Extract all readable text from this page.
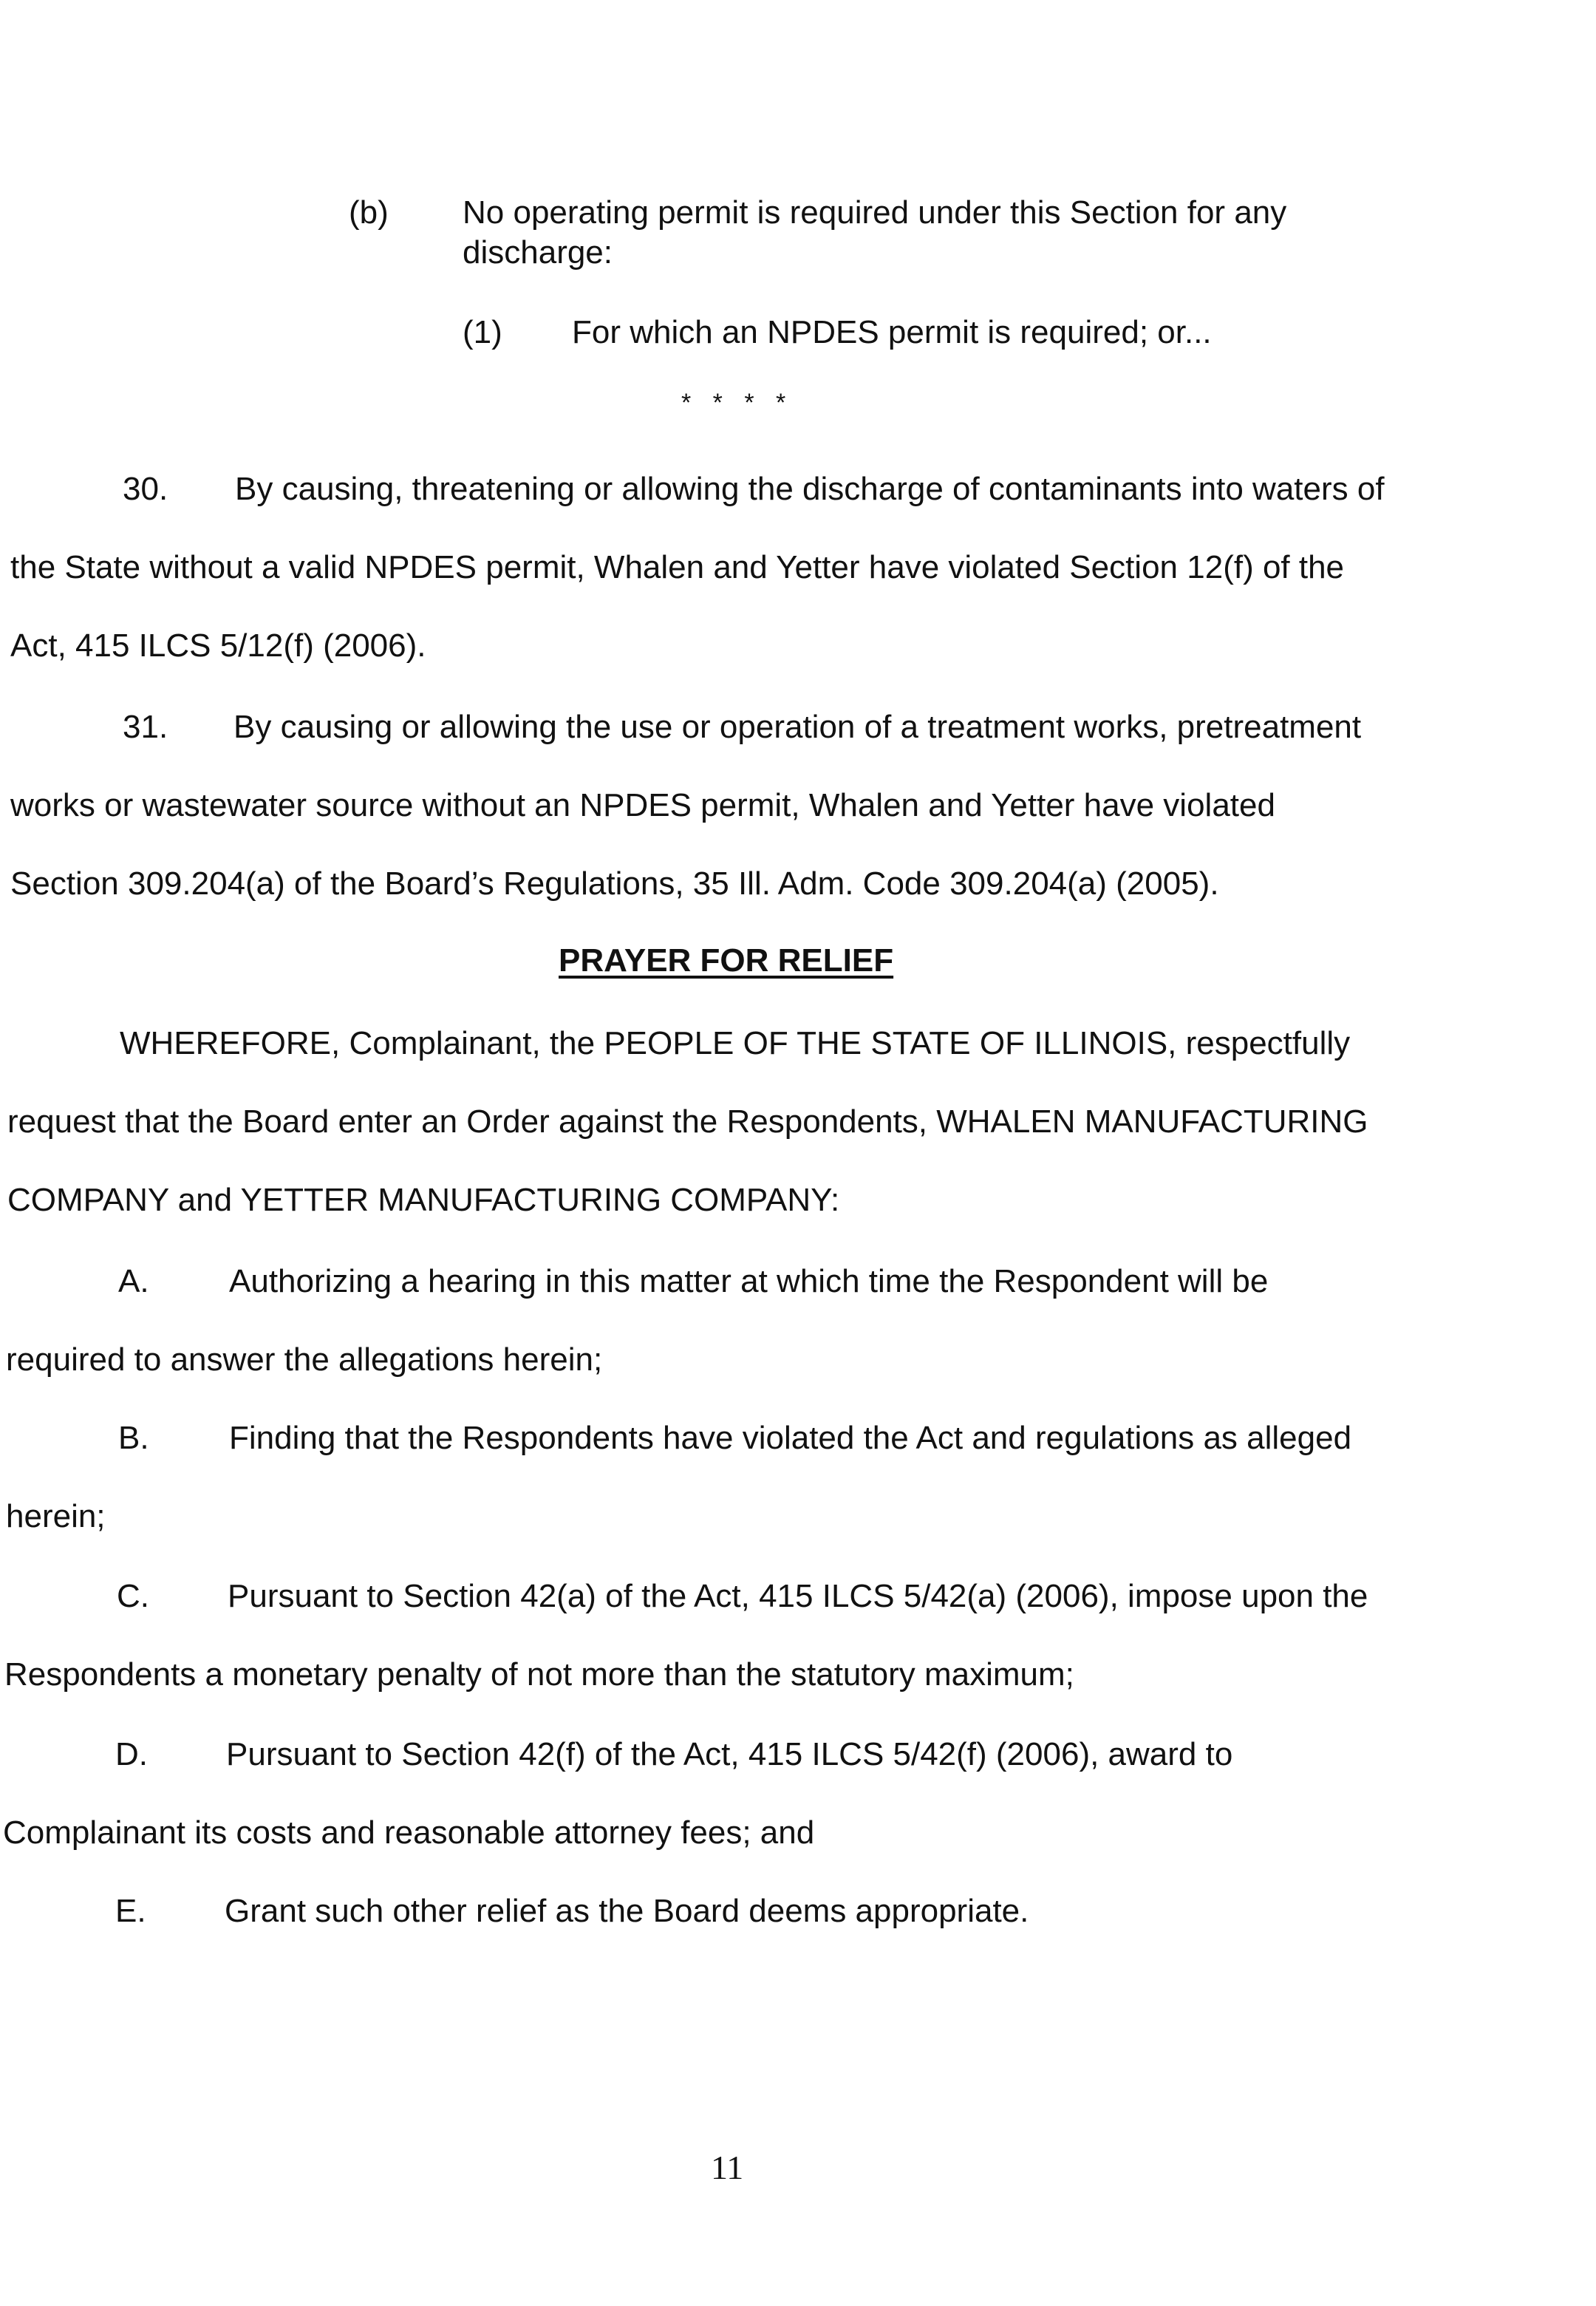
(b) No operating permit is required under this Section for any
discharge:
(1) For which an NPDES permit is required; or...
* * * *
30. By causing, threatening or allowing the discharge of contaminants into waters of
the State without a valid NPDES permit, Whalen and Yetter have violated Section 12(f) of the
Act, 415 ILCS 5/12(f) (2006).
31. By causing or allowing the use or operation of a treatment works, pretreatment
works or wastewater source without an NPDES permit, Whalen and Yetter have violated
Section 309.204(a) of the Board’s Regulations, 35 Ill. Adm. Code 309.204(a) (2005).
PRAYER FOR RELIEF
WHEREFORE, Complainant, the PEOPLE OF THE STATE OF ILLINOIS, respectfully
request that the Board enter an Order against the Respondents, WHALEN MANUFACTURING
COMPANY and YETTER MANUFACTURING COMPANY:
A. Authorizing a hearing in this matter at which time the Respondent will be
required to answer the allegations herein;
B. Finding that the Respondents have violated the Act and regulations as alleged
herein;
C. Pursuant to Section 42(a) of the Act, 415 ILCS 5/42(a) (2006), impose upon the
Respondents a monetary penalty of not more than the statutory maximum;
D. Pursuant to Section 42(f) of the Act, 415 ILCS 5/42(f) (2006), award to
Complainant its costs and reasonable attorney fees; and
E. Grant such other relief as the Board deems appropriate.
11
